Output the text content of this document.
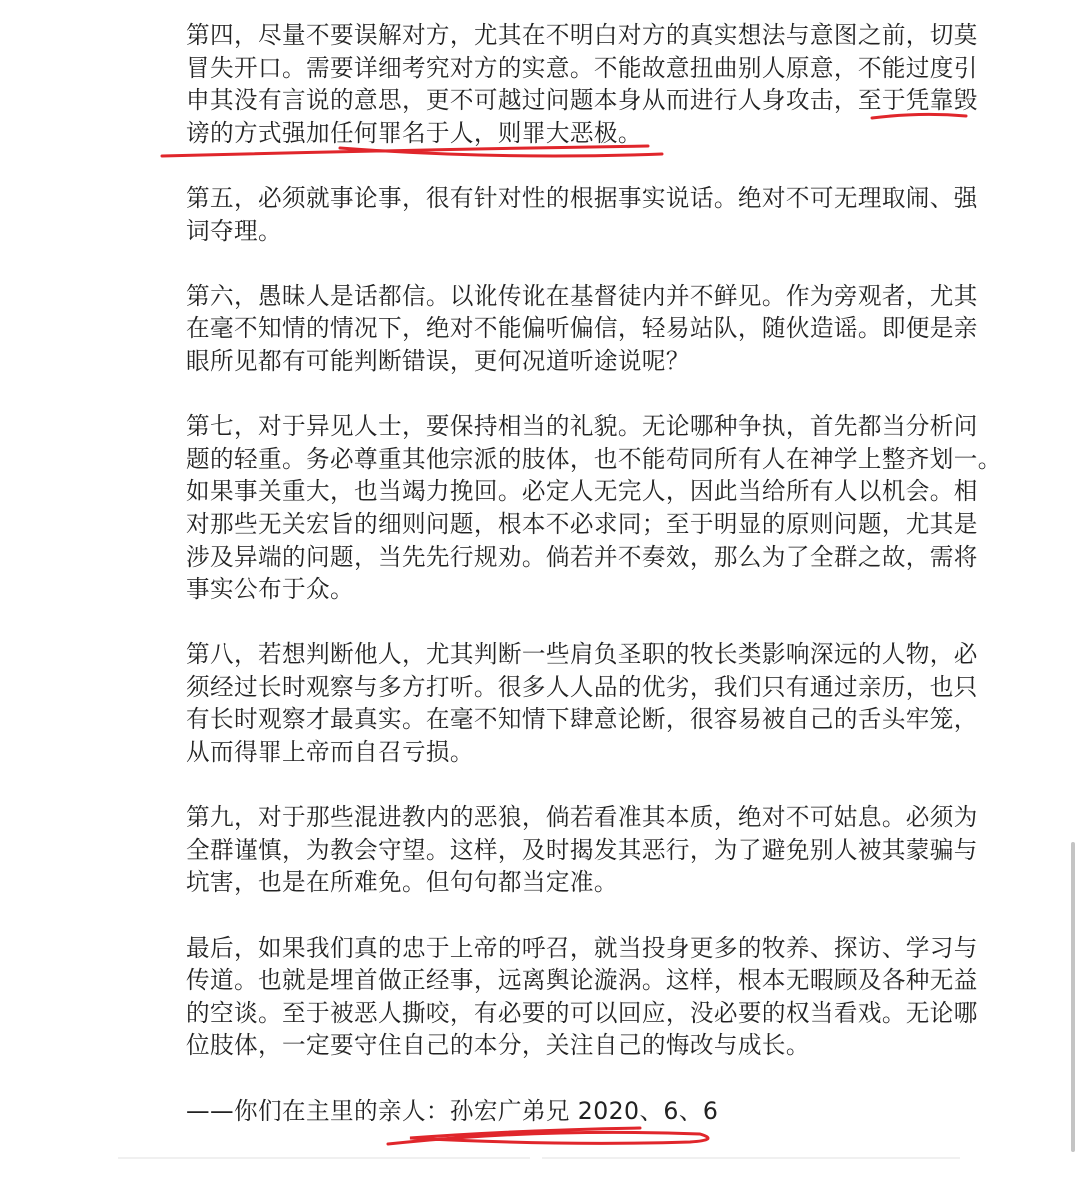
第四，尽量不要误解对方，尤其在不明白对方的真实想法与意图之前，切莫
冒失开口。需要详细考究对方的实意。不能故意扭曲别人原意，不能过度引
申其没有言说的意思，更不可越过问题本身从而进行人身攻击，至于凭靠毁
谤的方式强加任何罪名于人，则罪大恶极。

第五，必须就事论事，很有针对性的根据事实说话。绝对不可无理取闹、强
词夺理。

第六，愚昧人是话都信。以讹传讹在基督徒内并不鲜见。作为旁观者，尤其
在毫不知情的情况下，绝对不能偏听偏信，轻易站队，随伙造谣。即便是亲
眼所见都有可能判断错误，更何况道听途说呢？

第七，对于异见人士，要保持相当的礼貌。无论哪种争执，首先都当分析问
题的轻重。务必尊重其他宗派的肢体，也不能苟同所有人在神学上整齐划一。
如果事关重大，也当竭力挽回。必定人无完人，因此当给所有人以机会。相
对那些无关宏旨的细则问题，根本不必求同；至于明显的原则问题，尤其是
涉及异端的问题，当先先行规劝。倘若并不奏效，那么为了全群之故，需将
事实公布于众。

第八，若想判断他人，尤其判断一些肩负圣职的牧长类影响深远的人物，必
须经过长时观察与多方打听。很多人人品的优劣，我们只有通过亲历，也只
有长时观察才最真实。在毫不知情下肆意论断，很容易被自己的舌头牢笼，
从而得罪上帝而自召亏损。

第九，对于那些混进教内的恶狼，倘若看准其本质，绝对不可姑息。必须为
全群谨慎，为教会守望。这样，及时揭发其恶行，为了避免别人被其蒙骗与
坑害，也是在所难免。但句句都当定准。

最后，如果我们真的忠于上帝的呼召，就当投身更多的牧养、探访、学习与
传道。也就是埋首做正经事，远离舆论漩涡。这样，根本无暇顾及各种无益
的空谈。至于被恶人撕咬，有必要的可以回应，没必要的权当看戏。无论哪
位肢体，一定要守住自己的本分，关注自己的悔改与成长。

——你们在主里的亲人：孙宏广弟兄 2020、6、6
